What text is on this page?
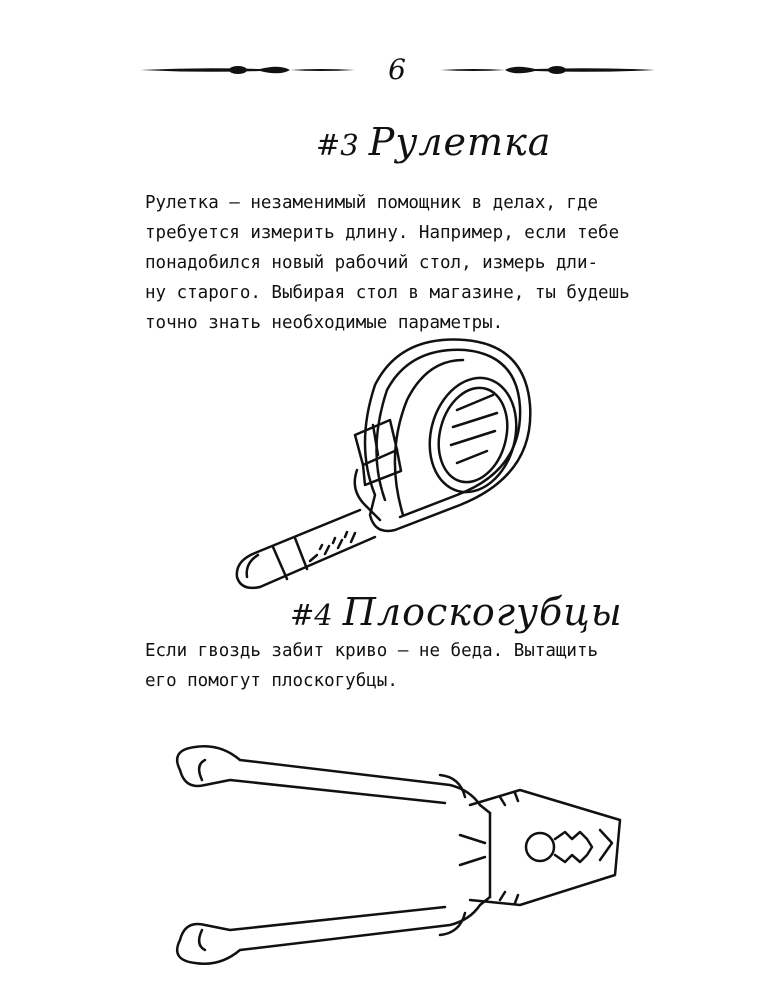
6
#3 Рулетка
Рулетка — незаменимый помощник в делах, где
требуется измерить длину. Например, если тебе
понадобился новый рабочий стол, измерь дли-
ну старого. Выбирая стол в магазине, ты будешь
точно знать необходимые параметры.
#4 Плоскогубцы
Если гвоздь забит криво — не беда. Вытащить
его помогут плоскогубцы.
